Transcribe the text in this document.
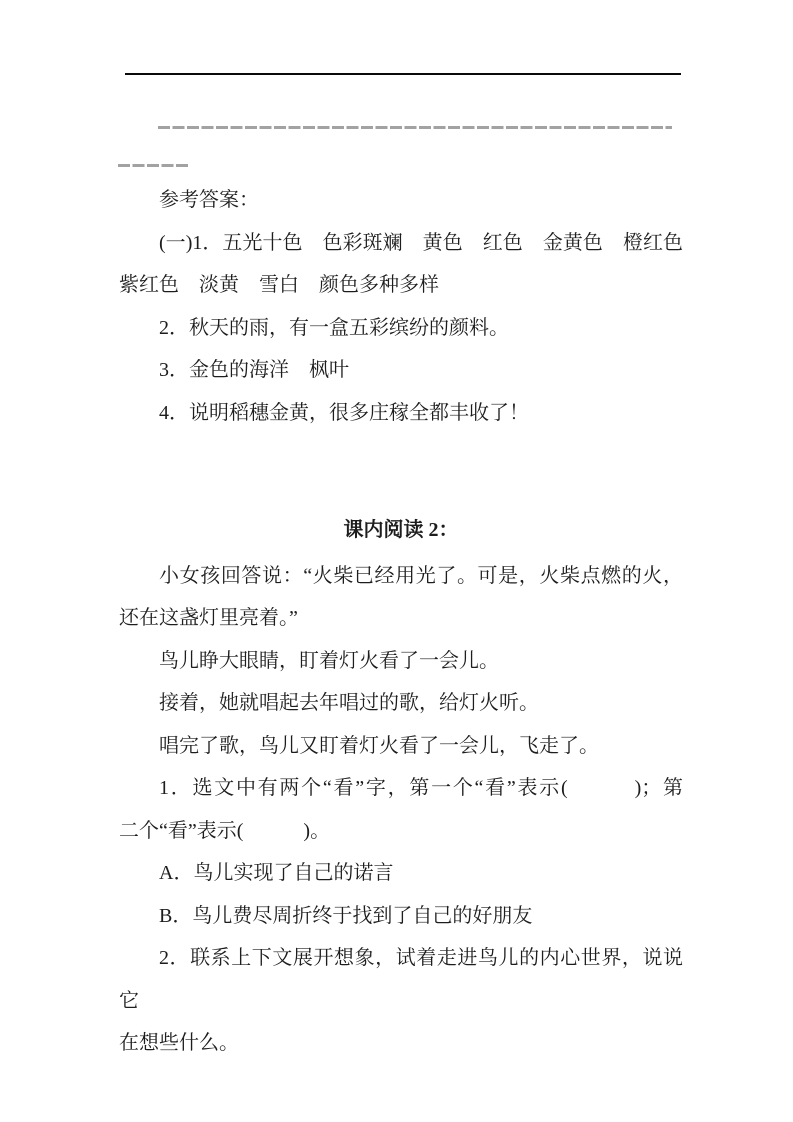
参考答案：
(一)1．五光十色　色彩斑斓　黄色　红色　金黄色　橙红色
紫红色　淡黄　雪白　颜色多种多样
2．秋天的雨，有一盒五彩缤纷的颜料。
3．金色的海洋　枫叶
4．说明稻穗金黄，很多庄稼全都丰收了！
课内阅读 2：
小女孩回答说：“火柴已经用光了。可是，火柴点燃的火，
还在这盏灯里亮着。”
鸟儿睁大眼睛，盯着灯火看了一会儿。
接着，她就唱起去年唱过的歌，给灯火听。
唱完了歌，鸟儿又盯着灯火看了一会儿，飞走了。
1．选文中有两个“看”字，第一个“看”表示(　　　)；第
二个“看”表示(　　　)。
A．鸟儿实现了自己的诺言
B．鸟儿费尽周折终于找到了自己的好朋友
2．联系上下文展开想象，试着走进鸟儿的内心世界，说说它
在想些什么。
